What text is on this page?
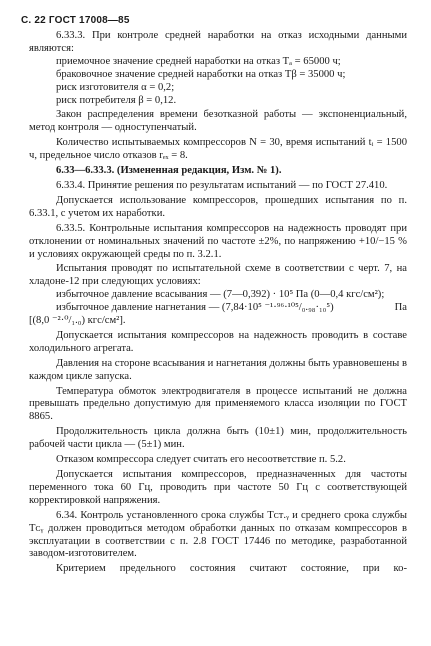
С. 22 ГОСТ 17008—85

6.33.3. При контроле средней наработки на отказ исходными данными являются:

приемочное значение средней наработки на отказ Tₐ = 65000 ч;

браковочное значение средней наработки на отказ Tβ = 35000 ч;

риск изготовителя α = 0,2;

риск потребителя β = 0,12.

Закон распределения времени безотказной работы — экспоненциальный, метод контроля — одноступенчатый.

Количество испытываемых компрессоров N = 30, время испытаний tᵢ = 1500 ч, предельное число отказов rₑₓ = 8.

6.33—6.33.3. (Измененная редакция, Изм. № 1).

6.33.4. Принятие решения по результатам испытаний — по ГОСТ 27.410.

Допускается использование компрессоров, прошедших испытания по п. 6.33.1, с учетом их наработки.

6.33.5. Контрольные испытания компрессоров на надежность проводят при отклонении от номинальных значений по частоте ±2%, по напряжению +10/−15 % и условиях окружающей среды по п. 3.2.1.

Испытания проводят по испытательной схеме в соответствии с черт. 7, на хладоне-12 при следующих условиях:

избыточное давление всасывания — (7—0,392) · 10⁵ Па (0—0,4 кгс/см²);

избыточное давление нагнетания — (7,84·10⁵ ⁻¹·⁹⁶·¹⁰⁵/₀.₉₈·₁₀⁵)	Па

[(8,0 ⁻²·⁰/₁.₀) кгс/см²].

Допускается испытания компрессоров на надежность проводить в составе холодильного агрегата.

Давления на стороне всасывания и нагнетания должны быть уравновешены в каждом цикле запуска.

Температура обмоток электродвигателя в процессе испытаний не должна превышать предельно допустимую для применяемого класса изоляции по ГОСТ 8865.

Продолжительность цикла должна быть (10±1) мин, продолжительность рабочей части цикла — (5±1) мин.

Отказом компрессора следует считать его несоответствие п. 5.2.

Допускается испытания компрессоров, предназначенных для частоты переменного тока 60 Гц, проводить при частоте 50 Гц с соответствующей корректировкой напряжения.

6.34. Контроль установленного срока службы Tᴄᴛ.ᵧ и среднего срока службы Tᴄᵧ должен проводиться методом обработки данных по отказам компрессоров в эксплуатации в соответствии с п. 2.8 ГОСТ 17446 по методике, разработанной заводом-изготовителем.

Критерием предельного состояния считают состояние, при ко-
